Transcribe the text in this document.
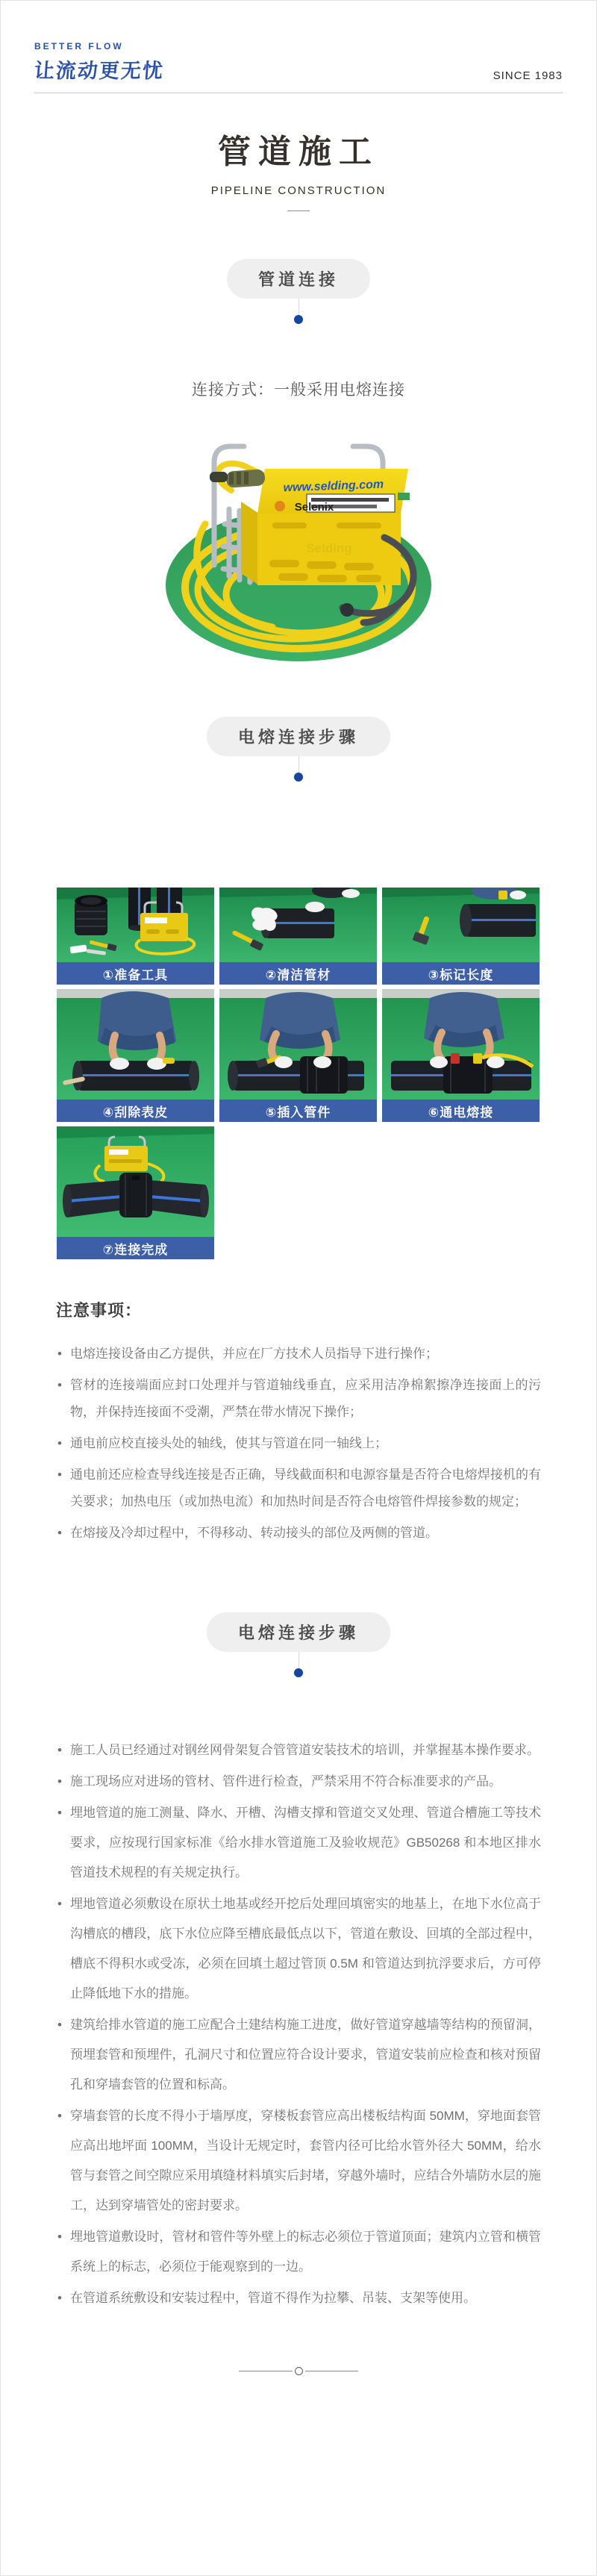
BETTER FLOW
让流动更无忧	SINCE 1983
管道施工
PIPELINE CONSTRUCTION
管道连接
连接方式：一般采用电熔连接
www.selding.com
Selenix
Selding
电熔连接步骤
①准备工具	②清洁管材	③标记长度
④刮除表皮	⑤插入管件	⑥通电熔接
⑦连接完成
注意事项：
• 电熔连接设备由乙方提供，并应在厂方技术人员指导下进行操作；
• 管材的连接端面应封口处理并与管道轴线垂直，应采用洁净棉絮擦净连接面上的污物，并保持连接面不受潮，严禁在带水情况下操作；
• 通电前应校直接头处的轴线，使其与管道在同一轴线上；
• 通电前还应检查导线连接是否正确，导线截面积和电源容量是否符合电熔焊接机的有关要求；加热电压（或加热电流）和加热时间是否符合电熔管件焊接参数的规定；
• 在熔接及冷却过程中，不得移动、转动接头的部位及两侧的管道。
电熔连接步骤
• 施工人员已经通过对钢丝网骨架复合管管道安装技术的培训，并掌握基本操作要求。
• 施工现场应对进场的管材、管件进行检查，严禁采用不符合标准要求的产品。
• 埋地管道的施工测量、降水、开槽、沟槽支撑和管道交叉处理、管道合槽施工等技术要求，应按现行国家标准《给水排水管道施工及验收规范》GB50268 和本地区排水管道技术规程的有关规定执行。
• 埋地管道必须敷设在原状土地基或经开挖后处理回填密实的地基上，在地下水位高于沟槽底的槽段，底下水位应降至槽底最低点以下，管道在敷设、回填的全部过程中，槽底不得积水或受冻，必须在回填土超过管顶 0.5M 和管道达到抗浮要求后，方可停止降低地下水的措施。
• 建筑给排水管道的施工应配合土建结构施工进度，做好管道穿越墙等结构的预留洞，预埋套管和预埋件，孔洞尺寸和位置应符合设计要求，管道安装前应检查和核对预留孔和穿墙套管的位置和标高。
• 穿墙套管的长度不得小于墙厚度，穿楼板套管应高出楼板结构面 50MM，穿地面套管应高出地坪面 100MM，当设计无规定时，套管内径可比给水管外径大 50MM，给水管与套管之间空隙应采用填缝材料填实后封堵，穿越外墙时，应结合外墙防水层的施工，达到穿墙管处的密封要求。
• 埋地管道敷设时，管材和管件等外壁上的标志必须位于管道顶面；建筑内立管和横管系统上的标志，必须位于能观察到的一边。
• 在管道系统敷设和安装过程中，管道不得作为拉攀、吊装、支架等使用。
